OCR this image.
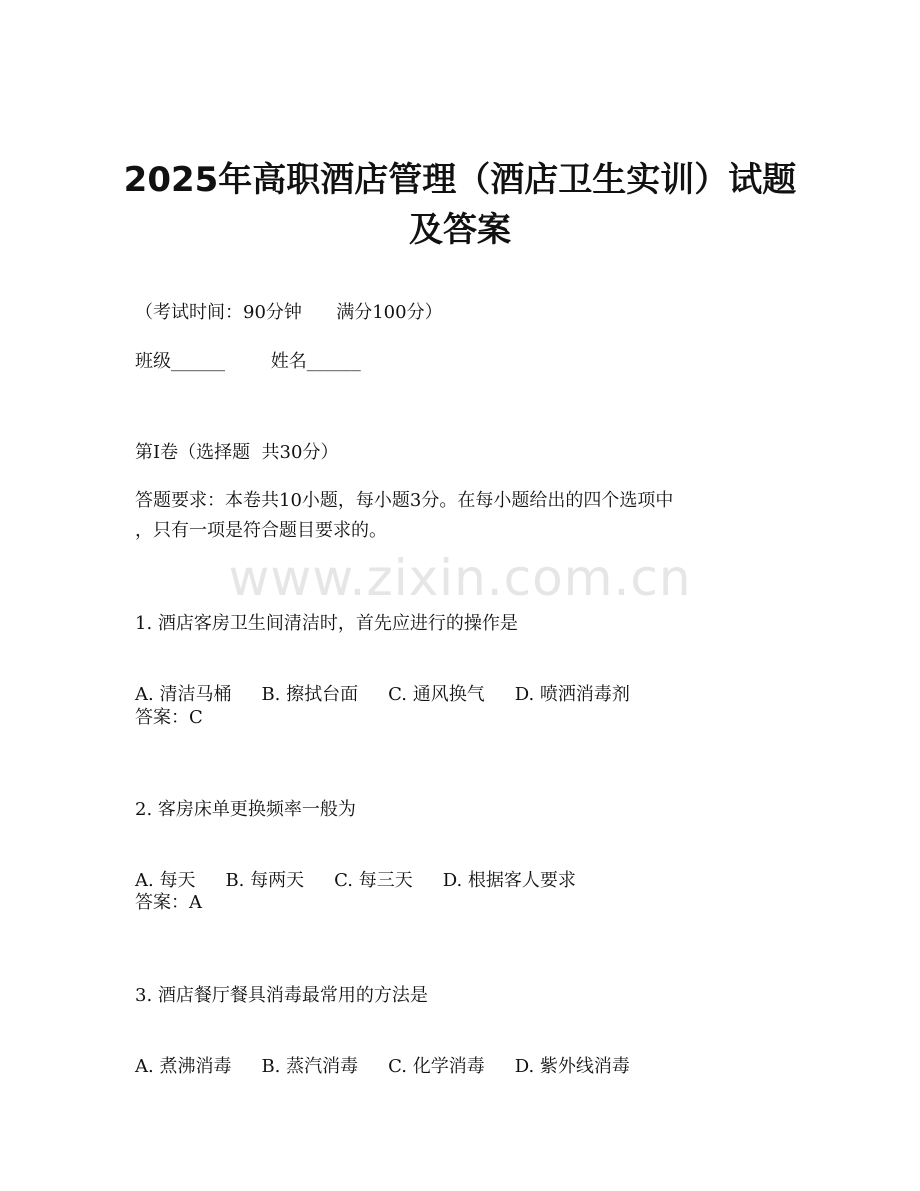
2025年高职酒店管理（酒店卫生实训）试题
及答案

（考试时间：90分钟      满分100分）

班级______        姓名______

第I卷（选择题  共30分）

答题要求：本卷共10小题，每小题3分。在每小题给出的四个选项中

，只有一项是符合题目要求的。

www.zixin.com.cn

1. 酒店客房卫生间清洁时，首先应进行的操作是

A. 清洁马桶 B. 擦拭台面 C. 通风换气 D. 喷洒消毒剂

答案：C

2. 客房床单更换频率一般为

A. 每天 B. 每两天 C. 每三天 D. 根据客人要求

答案：A

3. 酒店餐厅餐具消毒最常用的方法是

A. 煮沸消毒 B. 蒸汽消毒 C. 化学消毒 D. 紫外线消毒
